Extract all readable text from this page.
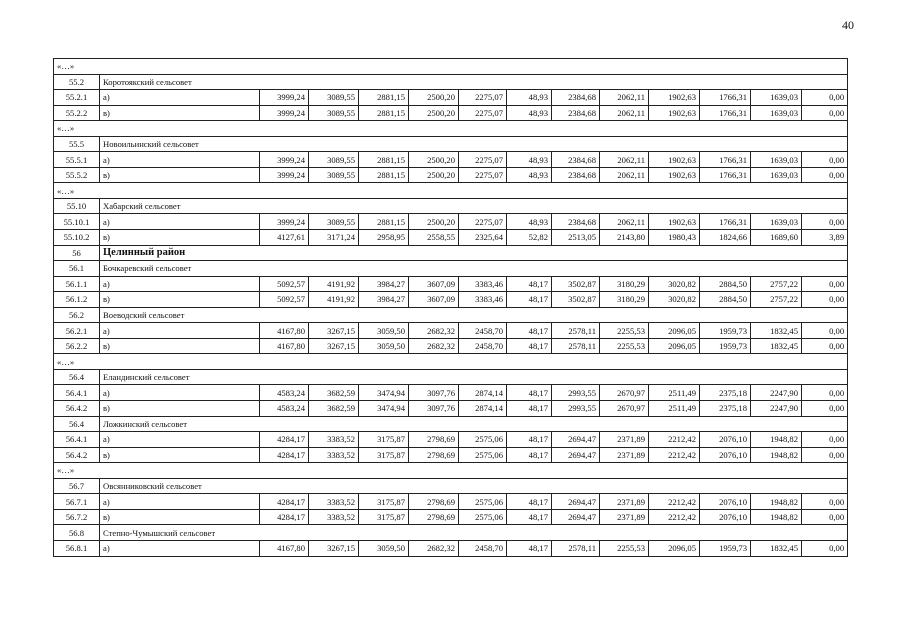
40
«…»													
55.2	Коротоякский сельсовет												
55.2.1	а)	3999,24	3089,55	2881,15	2500,20	2275,07	48,93	2384,68	2062,11	1902,63	1766,31	1639,03	0,00
55.2.2	в)	3999,24	3089,55	2881,15	2500,20	2275,07	48,93	2384,68	2062,11	1902,63	1766,31	1639,03	0,00
«…»													
55.5	Новоильинский сельсовет												
55.5.1	а)	3999,24	3089,55	2881,15	2500,20	2275,07	48,93	2384,68	2062,11	1902,63	1766,31	1639,03	0,00
55.5.2	в)	3999,24	3089,55	2881,15	2500,20	2275,07	48,93	2384,68	2062,11	1902,63	1766,31	1639,03	0,00
«…»													
55.10	Хабарский сельсовет												
55.10.1	а)	3999,24	3089,55	2881,15	2500,20	2275,07	48,93	2384,68	2062,11	1902,63	1766,31	1639,03	0,00
55.10.2	в)	4127,61	3171,24	2958,95	2558,55	2325,64	52,82	2513,05	2143,80	1980,43	1824,66	1689,60	3,89
56	Целинный район												
56.1	Бочкаревский сельсовет												
56.1.1	а)	5092,57	4191,92	3984,27	3607,09	3383,46	48,17	3502,87	3180,29	3020,82	2884,50	2757,22	0,00
56.1.2	в)	5092,57	4191,92	3984,27	3607,09	3383,46	48,17	3502,87	3180,29	3020,82	2884,50	2757,22	0,00
56.2	Воеводский сельсовет												
56.2.1	а)	4167,80	3267,15	3059,50	2682,32	2458,70	48,17	2578,11	2255,53	2096,05	1959,73	1832,45	0,00
56.2.2	в)	4167,80	3267,15	3059,50	2682,32	2458,70	48,17	2578,11	2255,53	2096,05	1959,73	1832,45	0,00
«…»													
56.4	Еландинский сельсовет												
56.4.1	а)	4583,24	3682,59	3474,94	3097,76	2874,14	48,17	2993,55	2670,97	2511,49	2375,18	2247,90	0,00
56.4.2	в)	4583,24	3682,59	3474,94	3097,76	2874,14	48,17	2993,55	2670,97	2511,49	2375,18	2247,90	0,00
56.4	Ложкинский сельсовет												
56.4.1	а)	4284,17	3383,52	3175,87	2798,69	2575,06	48,17	2694,47	2371,89	2212,42	2076,10	1948,82	0,00
56.4.2	в)	4284,17	3383,52	3175,87	2798,69	2575,06	48,17	2694,47	2371,89	2212,42	2076,10	1948,82	0,00
«…»													
56.7	Овсянниковский сельсовет												
56.7.1	а)	4284,17	3383,52	3175,87	2798,69	2575,06	48,17	2694,47	2371,89	2212,42	2076,10	1948,82	0,00
56.7.2	в)	4284,17	3383,52	3175,87	2798,69	2575,06	48,17	2694,47	2371,89	2212,42	2076,10	1948,82	0,00
56.8	Степно-Чумышский сельсовет												
56.8.1	а)	4167,80	3267,15	3059,50	2682,32	2458,70	48,17	2578,11	2255,53	2096,05	1959,73	1832,45	0,00
